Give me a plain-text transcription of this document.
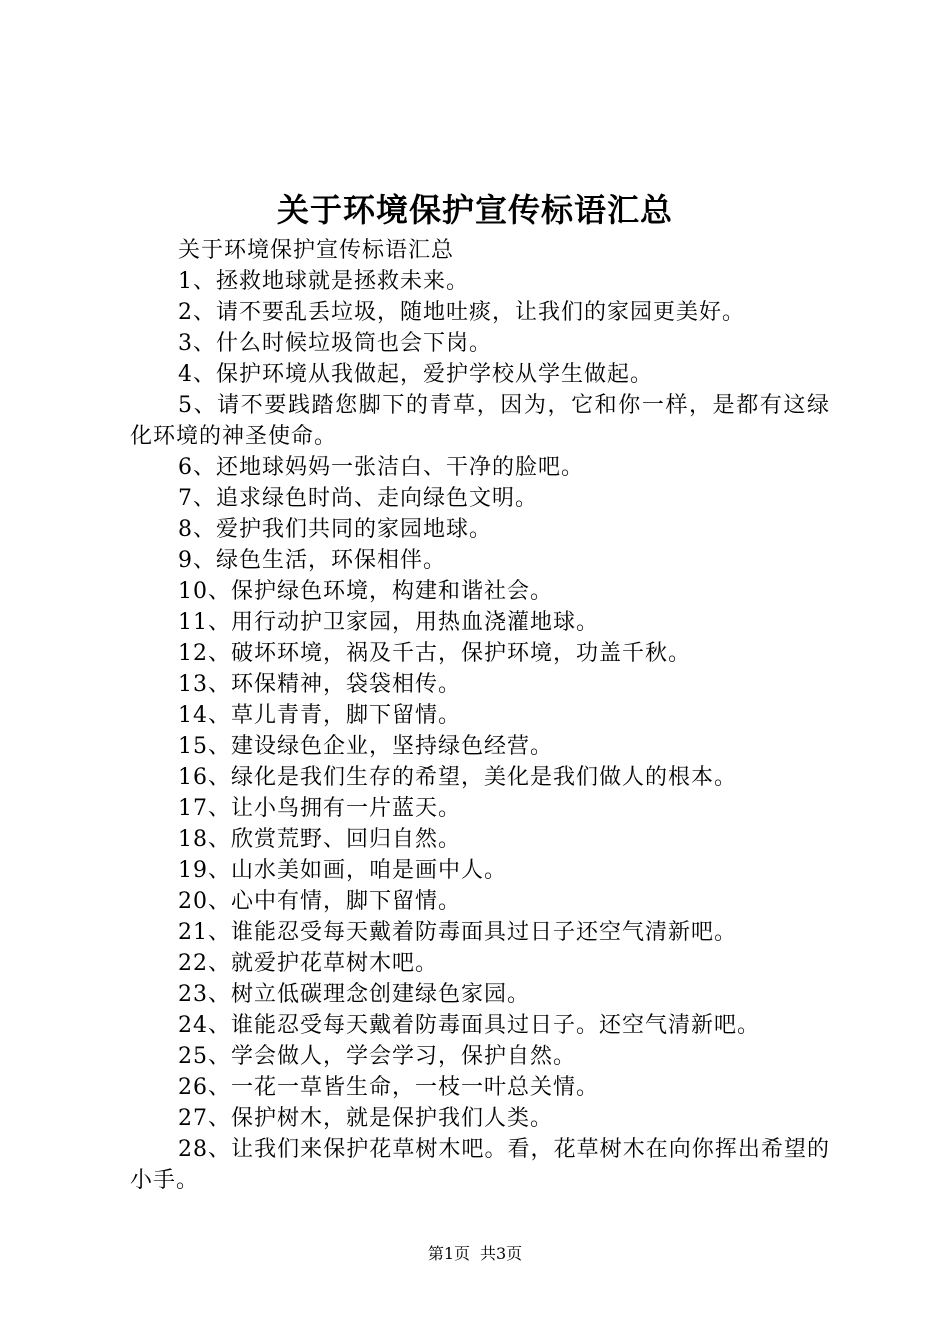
关于环境保护宣传标语汇总

关于环境保护宣传标语汇总

1、拯救地球就是拯救未来。

2、请不要乱丢垃圾，随地吐痰，让我们的家园更美好。

3、什么时候垃圾筒也会下岗。

4、保护环境从我做起，爱护学校从学生做起。

5、请不要践踏您脚下的青草，因为，它和你一样，是都有这绿化环境的神圣使命。

6、还地球妈妈一张洁白、干净的脸吧。

7、追求绿色时尚、走向绿色文明。

8、爱护我们共同的家园地球。

9、绿色生活，环保相伴。

10、保护绿色环境，构建和谐社会。

11、用行动护卫家园，用热血浇灌地球。

12、破坏环境，祸及千古，保护环境，功盖千秋。

13、环保精神，袋袋相传。

14、草儿青青，脚下留情。

15、建设绿色企业，坚持绿色经营。

16、绿化是我们生存的希望，美化是我们做人的根本。

17、让小鸟拥有一片蓝天。

18、欣赏荒野、回归自然。

19、山水美如画，咱是画中人。

20、心中有情，脚下留情。

21、谁能忍受每天戴着防毒面具过日子还空气清新吧。

22、就爱护花草树木吧。

23、树立低碳理念创建绿色家园。

24、谁能忍受每天戴着防毒面具过日子。还空气清新吧。

25、学会做人，学会学习，保护自然。

26、一花一草皆生命，一枝一叶总关情。

27、保护树木，就是保护我们人类。

28、让我们来保护花草树木吧。看，花草树木在向你挥出希望的小手。

第1页 共3页
